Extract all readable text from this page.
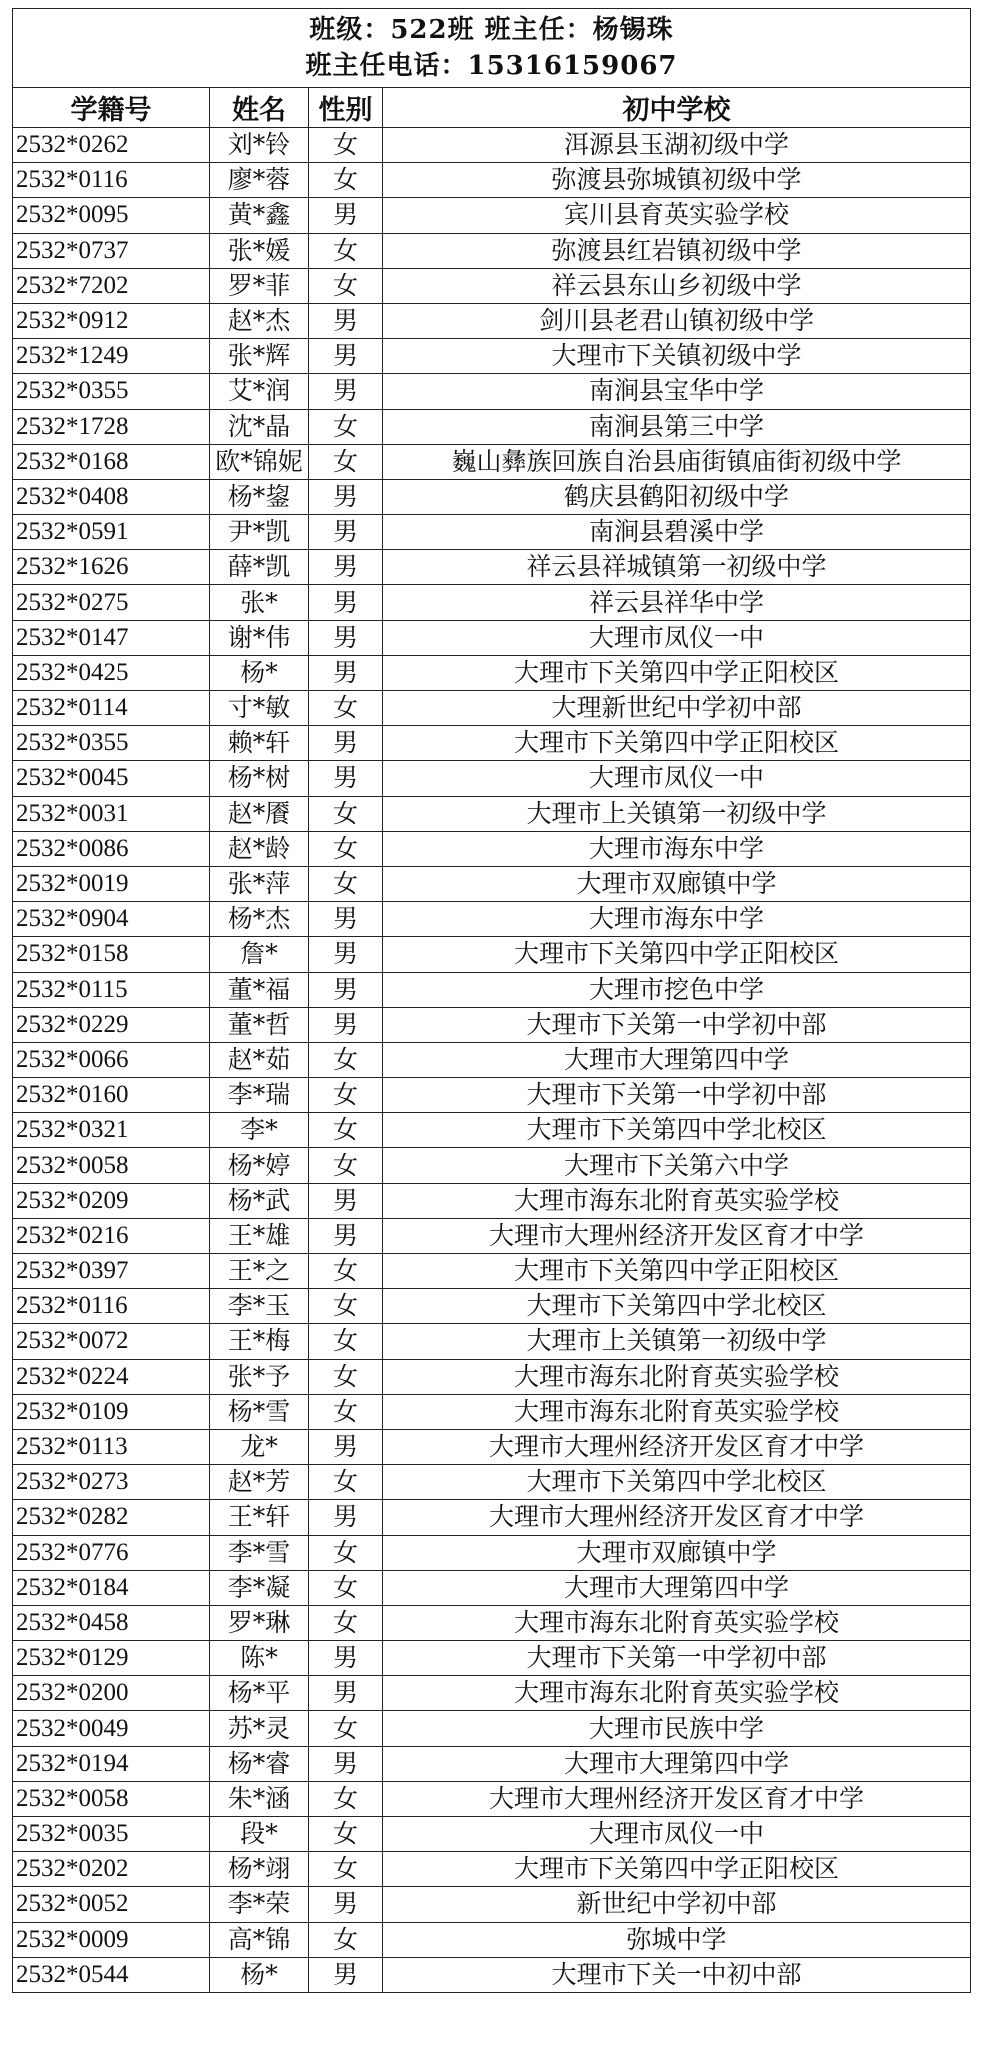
班级：522班 班主任：杨锡珠
班主任电话：15316159067			

学籍号	姓名	性别	初中学校
2532*0262	刘*铃	女	洱源县玉湖初级中学
2532*0116	廖*蓉	女	弥渡县弥城镇初级中学
2532*0095	黄*鑫	男	宾川县育英实验学校
2532*0737	张*媛	女	弥渡县红岩镇初级中学
2532*7202	罗*菲	女	祥云县东山乡初级中学
2532*0912	赵*杰	男	剑川县老君山镇初级中学
2532*1249	张*辉	男	大理市下关镇初级中学
2532*0355	艾*润	男	南涧县宝华中学
2532*1728	沈*晶	女	南涧县第三中学
2532*0168	欧*锦妮	女	巍山彝族回族自治县庙街镇庙街初级中学
2532*0408	杨*鋆	男	鹤庆县鹤阳初级中学
2532*0591	尹*凯	男	南涧县碧溪中学
2532*1626	薛*凯	男	祥云县祥城镇第一初级中学
2532*0275	张*	男	祥云县祥华中学
2532*0147	谢*伟	男	大理市凤仪一中
2532*0425	杨*	男	大理市下关第四中学正阳校区
2532*0114	寸*敏	女	大理新世纪中学初中部
2532*0355	赖*轩	男	大理市下关第四中学正阳校区
2532*0045	杨*树	男	大理市凤仪一中
2532*0031	赵*餍	女	大理市上关镇第一初级中学
2532*0086	赵*龄	女	大理市海东中学
2532*0019	张*萍	女	大理市双廊镇中学
2532*0904	杨*杰	男	大理市海东中学
2532*0158	詹*	男	大理市下关第四中学正阳校区
2532*0115	董*福	男	大理市挖色中学
2532*0229	董*哲	男	大理市下关第一中学初中部
2532*0066	赵*茹	女	大理市大理第四中学
2532*0160	李*瑞	女	大理市下关第一中学初中部
2532*0321	李*	女	大理市下关第四中学北校区
2532*0058	杨*婷	女	大理市下关第六中学
2532*0209	杨*武	男	大理市海东北附育英实验学校
2532*0216	王*雄	男	大理市大理州经济开发区育才中学
2532*0397	王*之	女	大理市下关第四中学正阳校区
2532*0116	李*玉	女	大理市下关第四中学北校区
2532*0072	王*梅	女	大理市上关镇第一初级中学
2532*0224	张*予	女	大理市海东北附育英实验学校
2532*0109	杨*雪	女	大理市海东北附育英实验学校
2532*0113	龙*	男	大理市大理州经济开发区育才中学
2532*0273	赵*芳	女	大理市下关第四中学北校区
2532*0282	王*轩	男	大理市大理州经济开发区育才中学
2532*0776	李*雪	女	大理市双廊镇中学
2532*0184	李*凝	女	大理市大理第四中学
2532*0458	罗*琳	女	大理市海东北附育英实验学校
2532*0129	陈*	男	大理市下关第一中学初中部
2532*0200	杨*平	男	大理市海东北附育英实验学校
2532*0049	苏*灵	女	大理市民族中学
2532*0194	杨*睿	男	大理市大理第四中学
2532*0058	朱*涵	女	大理市大理州经济开发区育才中学
2532*0035	段*	女	大理市凤仪一中
2532*0202	杨*翊	女	大理市下关第四中学正阳校区
2532*0052	李*荣	男	新世纪中学初中部
2532*0009	高*锦	女	弥城中学
2532*0544	杨*	男	大理市下关一中初中部
